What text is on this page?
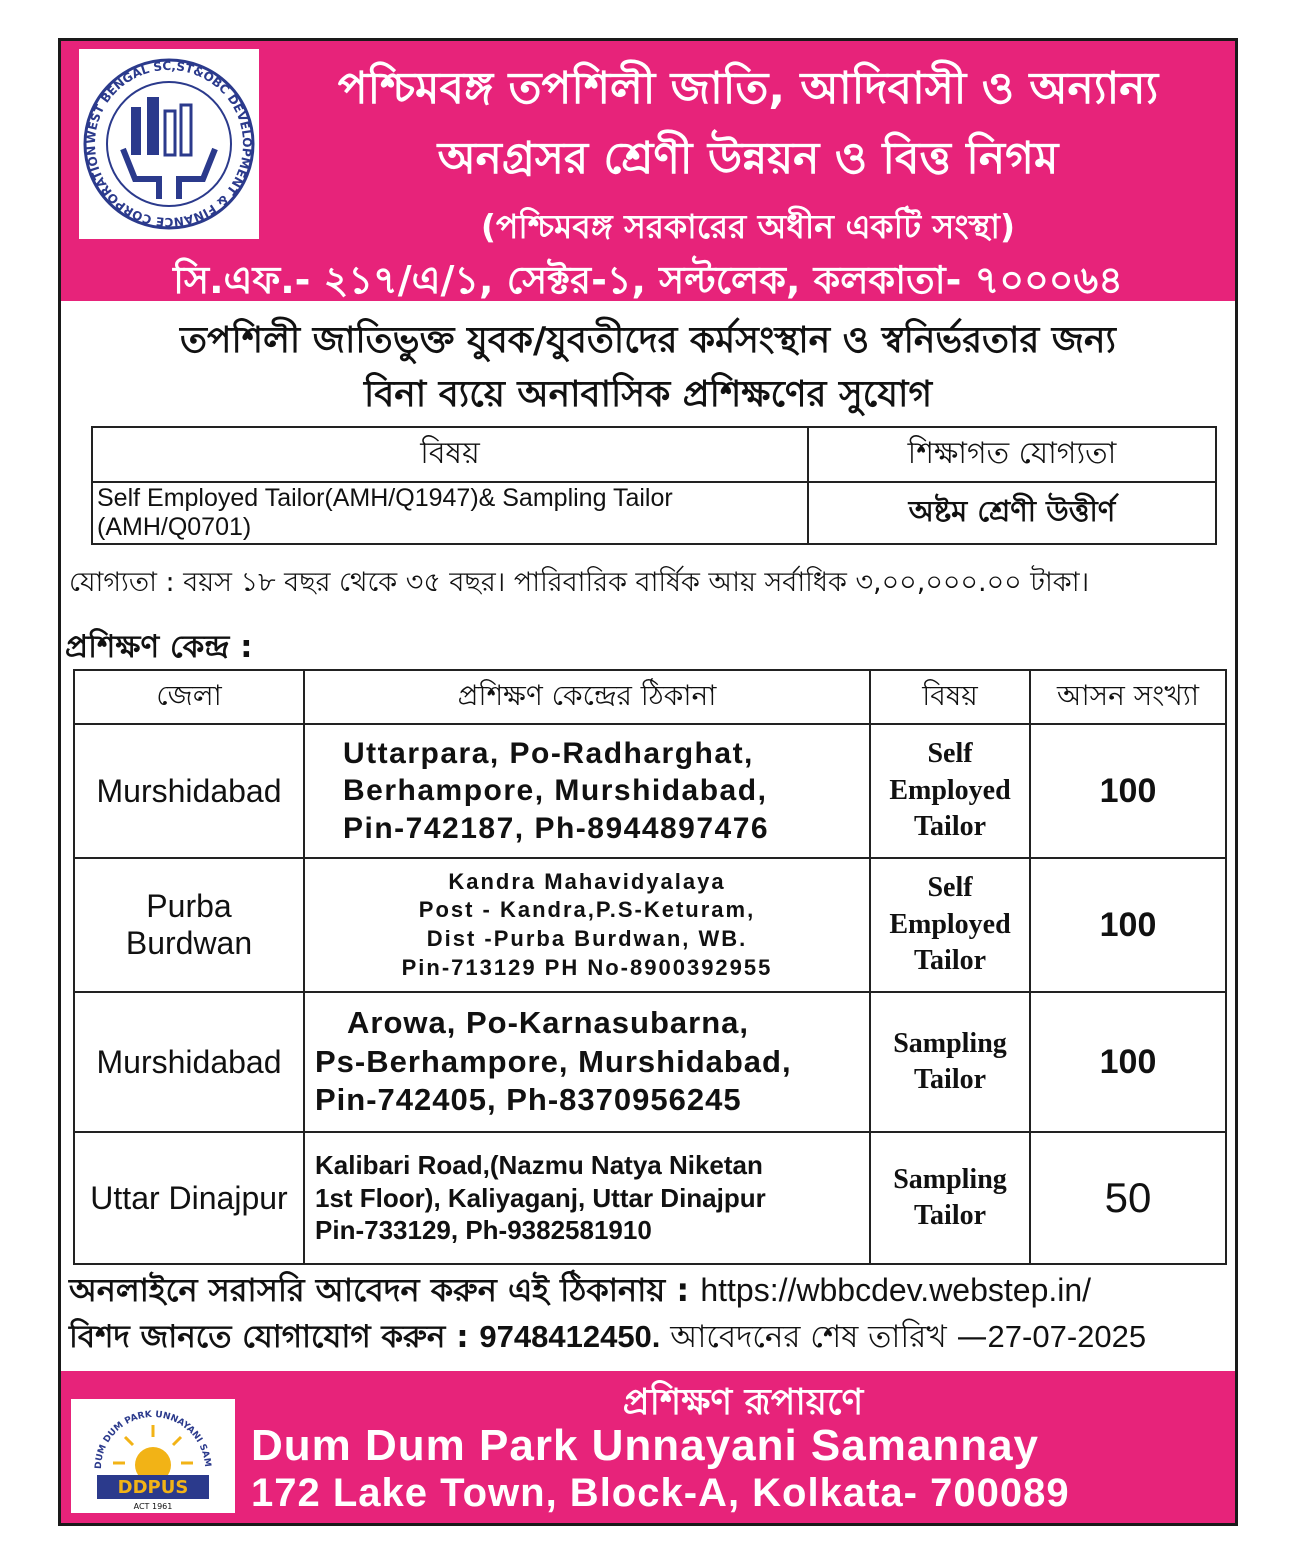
WEST BENGAL SC,ST&OBC DEVELOPMENT & FINANCE CORPORATION
পশ্চিমবঙ্গ তপশিলী জাতি, আদিবাসী ও অন্যান্য
অনগ্রসর শ্রেণী উন্নয়ন ও বিত্ত নিগম
(পশ্চিমবঙ্গ সরকারের অধীন একটি সংস্থা)
সি.এফ.- ২১৭/এ/১, সেক্টর-১, সল্টলেক, কলকাতা- ৭০০০৬৪
তপশিলী জাতিভুক্ত যুবক/যুবতীদের কর্মসংস্থান ও স্বনির্ভরতার জন্য
বিনা ব্যয়ে অনাবাসিক প্রশিক্ষণের সুযোগ
বিষয়	শিক্ষাগত যোগ্যতা
Self Employed Tailor(AMH/Q1947)& Sampling Tailor (AMH/Q0701)	অষ্টম শ্রেণী উত্তীর্ণ
যোগ্যতা : বয়স ১৮ বছর থেকে ৩৫ বছর। পারিবারিক বার্ষিক আয় সর্বাধিক ৩,০০,০০০.০০ টাকা।
প্রশিক্ষণ কেন্দ্র :
জেলা	প্রশিক্ষণ কেন্দ্রের ঠিকানা	বিষয়	আসন সংখ্যা
Murshidabad	Uttarpara, Po-Radharghat,
Berhampore, Murshidabad,
Pin-742187, Ph-8944897476	Self
Employed
Tailor	100
Purba Burdwan	Kandra Mahavidyalaya
Post - Kandra,P.S-Keturam,
Dist -Purba Burdwan, WB.
Pin-713129 PH No-8900392955	Self
Employed
Tailor	100
Murshidabad	Arowa, Po-Karnasubarna,
Ps-Berhampore, Murshidabad,
Pin-742405, Ph-8370956245	Sampling
Tailor	100
Uttar Dinajpur	Kalibari Road,(Nazmu Natya Niketan
1st Floor), Kaliyaganj, Uttar Dinajpur
Pin-733129, Ph-9382581910	Sampling
Tailor	50
অনলাইনে সরাসরি আবেদন করুন এই ঠিকানায় : https://wbbcdev.webstep.in/
বিশদ জানতে যোগাযোগ করুন : 9748412450. আবেদনের শেষ তারিখ —27-07-2025
DUM DUM PARK UNNAYANI SAM
DDPUS
ACT 1961
প্রশিক্ষণ রূপায়ণে
Dum Dum Park Unnayani Samannay
172 Lake Town, Block-A, Kolkata- 700089
